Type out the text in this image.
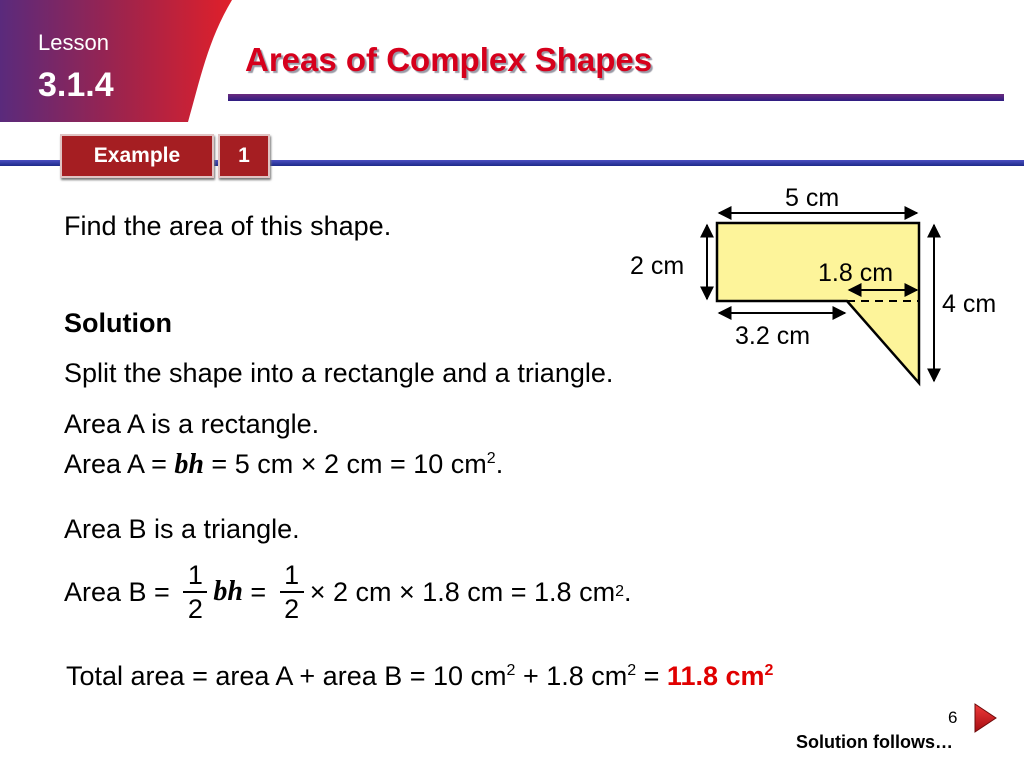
Lesson
3.1.4
Areas of Complex Shapes
Example	1
Find the area of this shape.
Solution
Split the shape into a rectangle and a triangle.
Area A is a rectangle.
Area A = bh = 5 cm × 2 cm = 10 $cm^2$.
Area B is a triangle.
Area $B = \frac{1}{2}$ bh = $\frac{1}{2} \times 2$ cm × 1.8 cm = 1.8 cm 2 .
Total area = area A + area B = 10 $cm^2 + 1.8$ $cm^2 = 11.8$ $cm^2$
5 cm
2 cm	1.8 cm
4 cm
3.2 cm
6
Solution follows…
